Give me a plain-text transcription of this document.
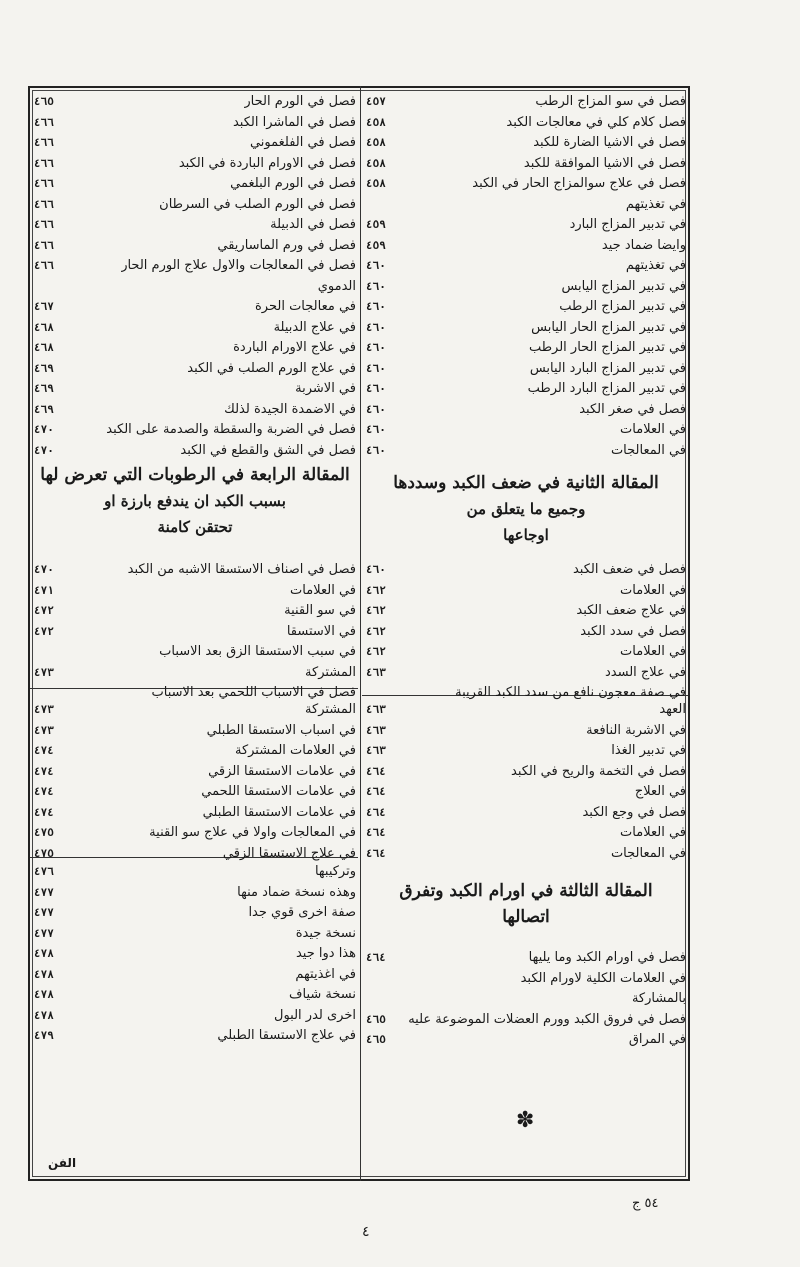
فصل في سو المزاج الرطب
٤٥٧
فصل كلام كلي في معالجات الكبد
٤٥٨
فصل في الاشيا الضارة للكبد
٤٥٨
فصل في الاشيا الموافقة للكبد
٤٥٨
فصل في علاج سوالمزاج الحار في الكبد
٤٥٨
في تغذيتهم
في تدبير المزاج البارد
٤٥٩
وايضا ضماد جيد
٤٥٩
في تغذيتهم
٤٦٠
في تدبير المزاج اليابس
٤٦٠
في تدبير المزاج الرطب
٤٦٠
في تدبير المزاج الحار اليابس
٤٦٠
في تدبير المزاج الحار الرطب
٤٦٠
في تدبير المزاج البارد اليابس
٤٦٠
في تدبير المزاج البارد الرطب
٤٦٠
فصل في صغر الكبد
٤٦٠
في العلامات
٤٦٠
في المعالجات
٤٦٠
المقالة الثانية في ضعف الكبد وسددها
وجميع ما يتعلق من
اوجاعها
فصل في ضعف الكبد
٤٦٠
في العلامات
٤٦٢
في علاج ضعف الكبد
٤٦٢
فصل في سدد الكبد
٤٦٢
في العلامات
٤٦٢
في علاج السدد
٤٦٣
في صفة معجون نافع من سدد الكبد القريبة
العهد
٤٦٣
في الاشربة النافعة
٤٦٣
في تدبير الغذا
٤٦٣
فصل في التخمة والريح في الكبد
٤٦٤
في العلاج
٤٦٤
فصل في وجع الكبد
٤٦٤
في العلامات
٤٦٤
في المعالجات
٤٦٤
المقالة الثالثة في اورام الكبد وتفرق
اتصالها
فصل في اورام الكبد وما يليها
٤٦٤
في العلامات الكلية لاورام الكبد
بالمشاركة
فصل في فروق الكبد وورم العضلات الموضوعة عليه
٤٦٥
في المراق
٤٦٥
فصل في الورم الحار
٤٦٥
فصل في الماشرا الكبد
٤٦٦
فصل في الفلغموني
٤٦٦
فصل في الاورام الباردة في الكبد
٤٦٦
فصل في الورم البلغمي
٤٦٦
فصل في الورم الصلب في السرطان
٤٦٦
فصل في الدبيلة
٤٦٦
فصل في ورم الماساريقي
٤٦٦
فصل في المعالجات والاول علاج الورم الحار
٤٦٦
الدموي
في معالجات الحرة
٤٦٧
في علاج الدبيلة
٤٦٨
في علاج الاورام الباردة
٤٦٨
في علاج الورم الصلب في الكبد
٤٦٩
في الاشربة
٤٦٩
في الاضمدة الجيدة لذلك
٤٦٩
فصل في الضربة والسقطة والصدمة على الكبد
٤٧٠
فصل في الشق والقطع في الكبد
٤٧٠
المقالة الرابعة في الرطوبات التي تعرض لها
بسبب الكبد ان يندفع بارزة او
تحتقن كامنة
فصل في اصناف الاستسقا الاشبه من الكبد
٤٧٠
في العلامات
٤٧١
في سو القنية
٤٧٢
في الاستسقا
٤٧٢
في سبب الاستسقا الزق بعد الاسباب
المشتركة
٤٧٣
فصل في الاسباب اللحمي بعد الاسباب
المشتركة
٤٧٣
في اسباب الاستسقا الطبلي
٤٧٣
في العلامات المشتركة
٤٧٤
في علامات الاستسقا الزقي
٤٧٤
في علامات الاستسقا اللحمي
٤٧٤
في علامات الاستسقا الطبلي
٤٧٤
في المعالجات واولا في علاج سو القنية
٤٧٥
في علاج الاستسقا الزقي
٤٧٥
وتركيبها
٤٧٦
وهذه نسخة ضماد منها
٤٧٧
صفة اخرى قوي جدا
٤٧٧
نسخة جيدة
٤٧٧
هذا دوا جيد
٤٧٨
في اغذيتهم
٤٧٨
نسخة شياف
٤٧٨
اخرى لدر البول
٤٧٨
في علاج الاستسقا الطبلي
٤٧٩
✽
الفن
٥٤ ج
٤
